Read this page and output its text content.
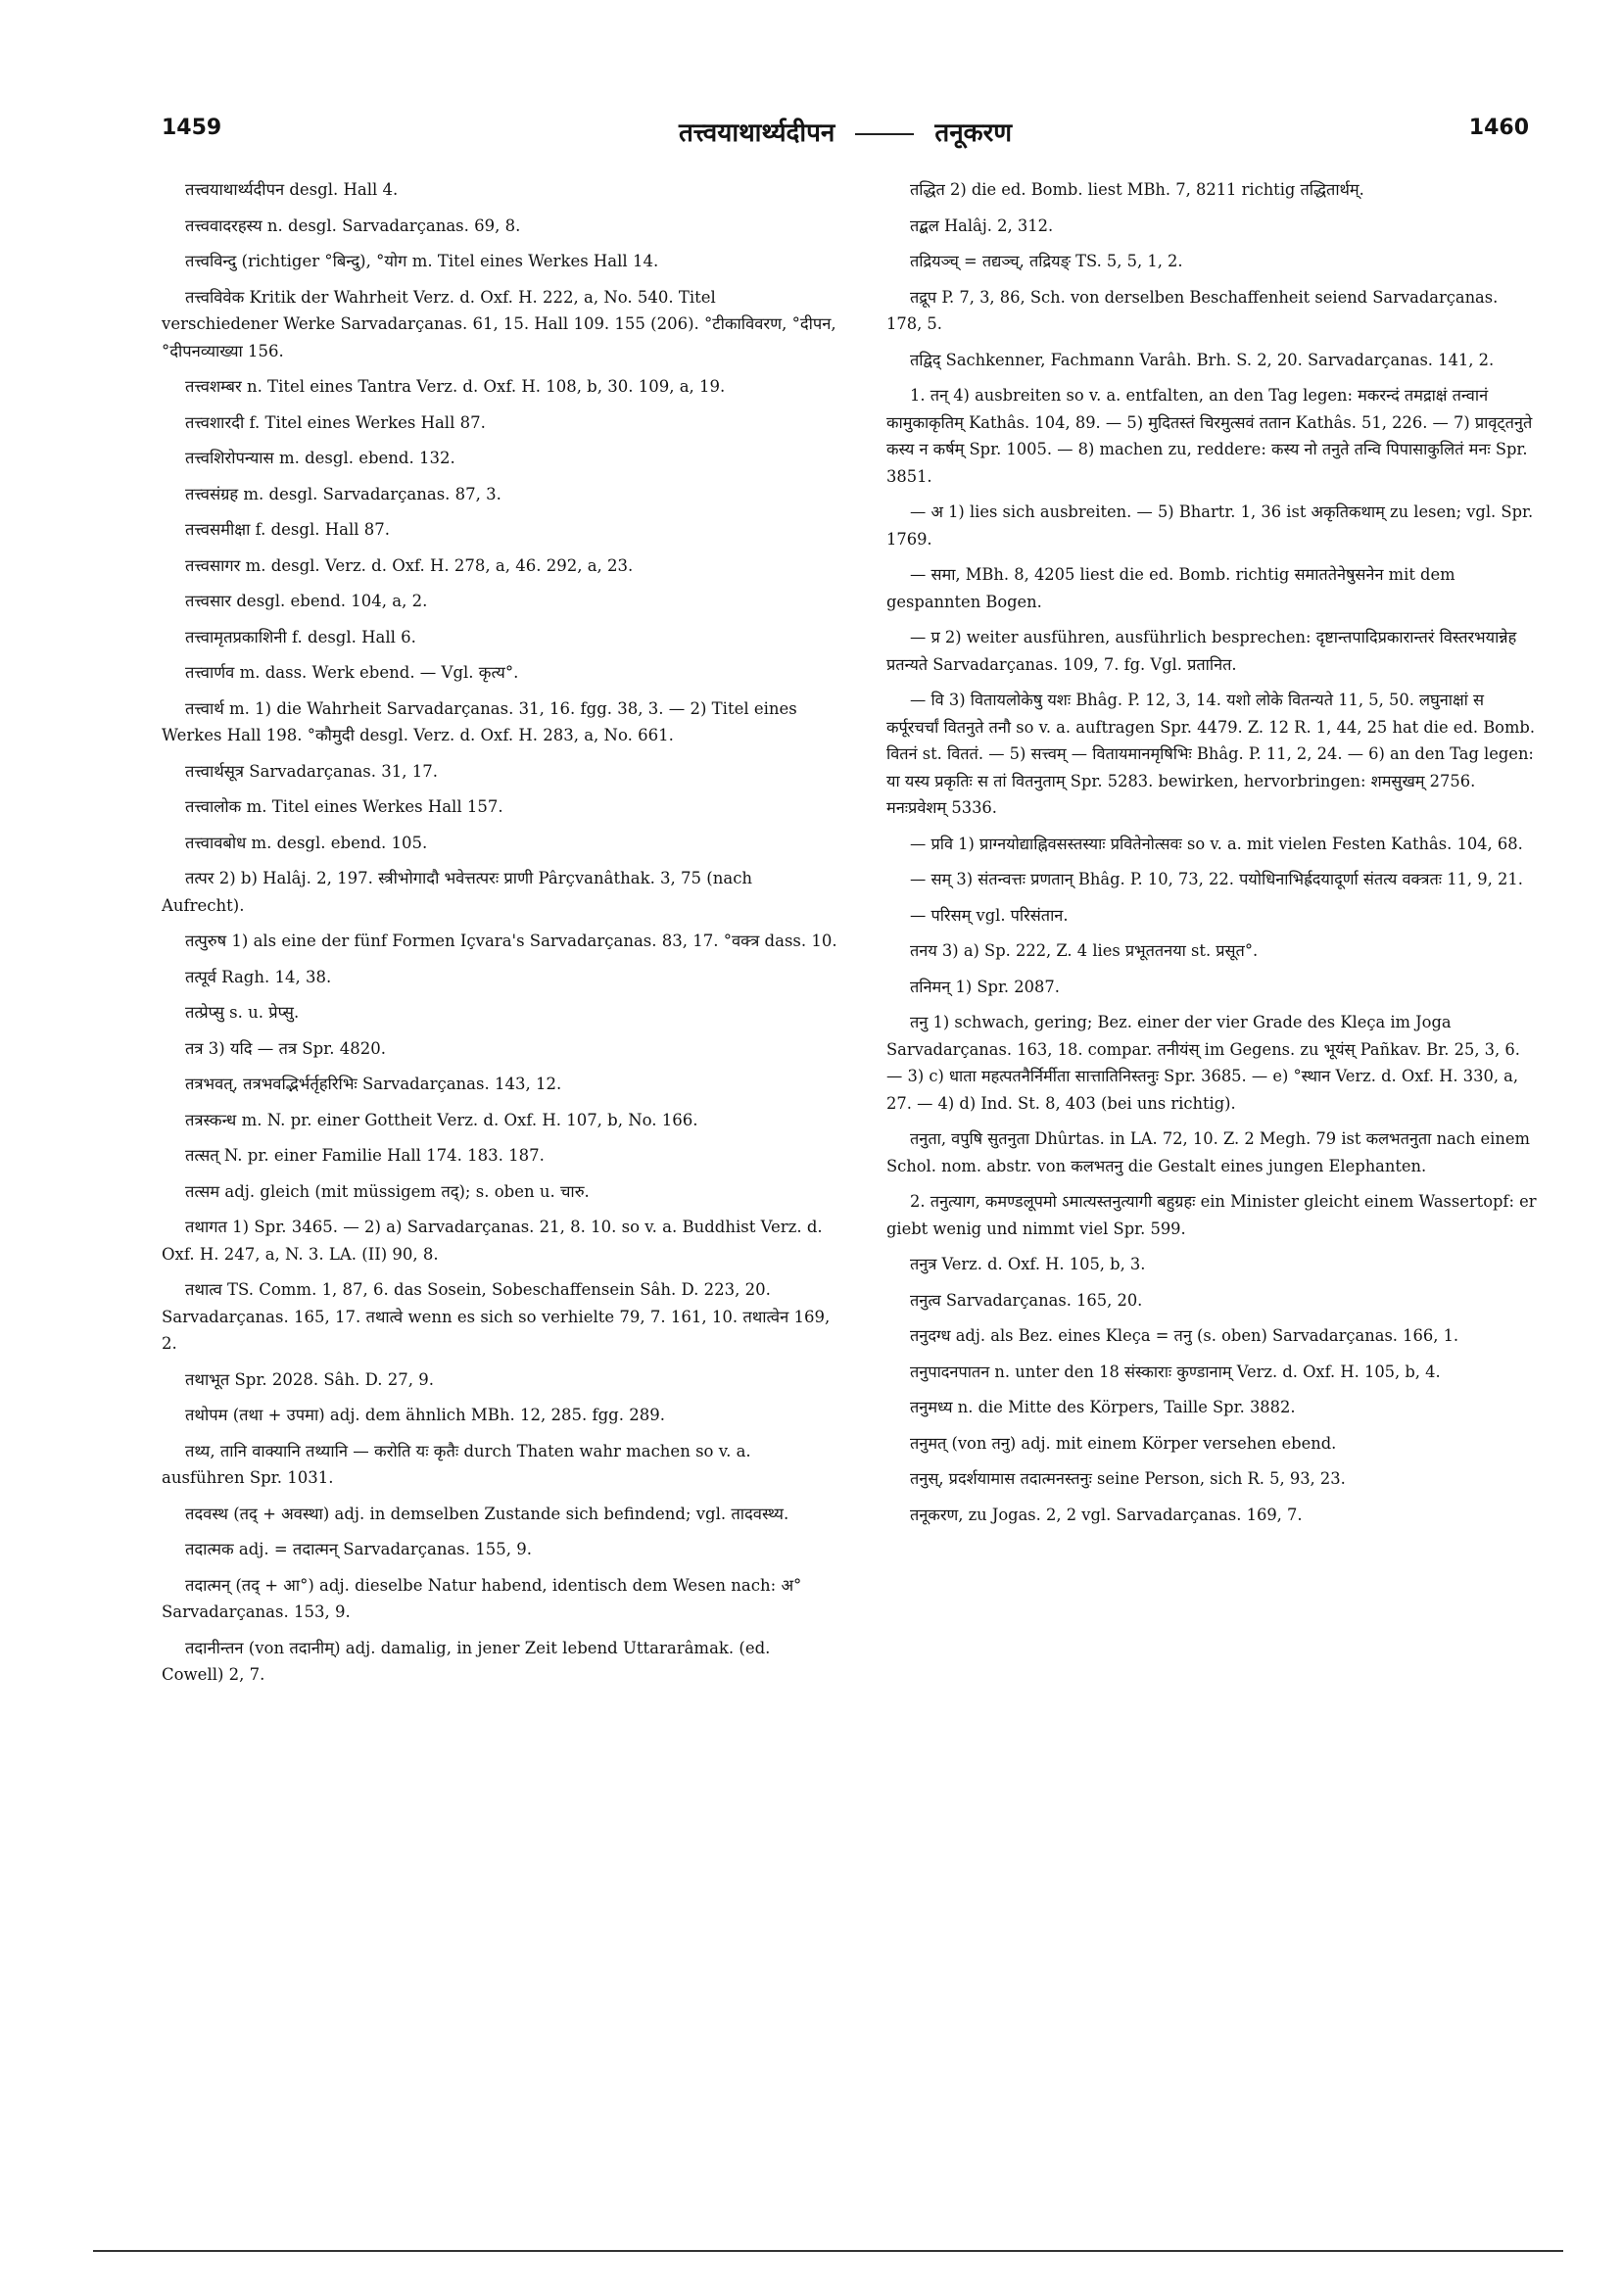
1459	तत्त्वयाथार्थ्यदीपन	तनूकरण	1460

तत्त्वयाथार्थ्यदीपन desgl. Hall 4.

तत्त्ववादरहस्य n. desgl. Sarvadarçanas. 69, 8.

तत्त्वविन्दु (richtiger °बिन्दु), °योग m. Titel eines Werkes Hall 14.

तत्त्वविवेक Kritik der Wahrheit Verz. d. Oxf. H. 222, a, No. 540. Titel verschiedener Werke Sarvadarçanas. 61, 15. Hall 109. 155 (206). °टीकाविवरण, °दीपन, °दीपनव्याख्या 156.

तत्त्वशम्बर n. Titel eines Tantra Verz. d. Oxf. H. 108, b, 30. 109, a, 19.

तत्त्वशारदी f. Titel eines Werkes Hall 87.

तत्त्वशिरोपन्यास m. desgl. ebend. 132.

तत्त्वसंग्रह m. desgl. Sarvadarçanas. 87, 3.

तत्त्वसमीक्षा f. desgl. Hall 87.

तत्त्वसागर m. desgl. Verz. d. Oxf. H. 278, a, 46. 292, a, 23.

तत्त्वसार desgl. ebend. 104, a, 2.

तत्त्वामृतप्रकाशिनी f. desgl. Hall 6.

तत्त्वार्णव m. dass. Werk ebend. — Vgl. कृत्य°.

तत्त्वार्थ m. 1) die Wahrheit Sarvadarçanas. 31, 16. fgg. 38, 3. — 2) Titel eines Werkes Hall 198. °कौमुदी desgl. Verz. d. Oxf. H. 283, a, No. 661.

तत्त्वार्थसूत्र Sarvadarçanas. 31, 17.

तत्त्वालोक m. Titel eines Werkes Hall 157.

तत्त्वावबोध m. desgl. ebend. 105.

तत्पर 2) b) Halâj. 2, 197. स्त्रीभोगादौ भवेत्तत्परः प्राणी Pârçvanâthak. 3, 75 (nach Aufrecht).

तत्पुरुष 1) als eine der fünf Formen Içvara's Sarvadarçanas. 83, 17. °वक्त्र dass. 10.

तत्पूर्व Ragh. 14, 38.

तत्प्रेप्सु s. u. प्रेप्सु.

तत्र 3) यदि — तत्र Spr. 4820.

तत्रभवत्, तत्रभवद्भिर्भर्तृहरिभिः Sarvadarçanas. 143, 12.

तत्रस्कन्ध m. N. pr. einer Gottheit Verz. d. Oxf. H. 107, b, No. 166.

तत्सत् N. pr. einer Familie Hall 174. 183. 187.

तत्सम adj. gleich (mit müssigem तद्); s. oben u. चारु.

तथागत 1) Spr. 3465. — 2) a) Sarvadarçanas. 21, 8. 10. so v. a. Buddhist Verz. d. Oxf. H. 247, a, N. 3. LA. (II) 90, 8.

तथात्व TS. Comm. 1, 87, 6. das Sosein, Sobeschaffensein Sâh. D. 223, 20. Sarvadarçanas. 165, 17. तथात्वे wenn es sich so verhielte 79, 7. 161, 10. तथात्वेन 169, 2.

तथाभूत Spr. 2028. Sâh. D. 27, 9.

तथोपम (तथा + उपमा) adj. dem ähnlich MBh. 12, 285. fgg. 289.

तथ्य, तानि वाक्यानि तथ्यानि — करोति यः कृतैः durch Thaten wahr machen so v. a. ausführen Spr. 1031.

तदवस्थ (तद् + अवस्था) adj. in demselben Zustande sich befindend; vgl. तादवस्थ्य.

तदात्मक adj. = तदात्मन् Sarvadarçanas. 155, 9.

तदात्मन् (तद् + आ°) adj. dieselbe Natur habend, identisch dem Wesen nach: अ° Sarvadarçanas. 153, 9.

तदानीन्तन (von तदानीम्) adj. damalig, in jener Zeit lebend Uttararâmak. (ed. Cowell) 2, 7.

तद्धित 2) die ed. Bomb. liest MBh. 7, 8211 richtig तद्धितार्थम्.

तद्बल Halâj. 2, 312.

तद्रियञ्च् = तद्यञ्च्, तद्रियङ् TS. 5, 5, 1, 2.

तद्रूप P. 7, 3, 86, Sch. von derselben Beschaffenheit seiend Sarvadarçanas. 178, 5.

तद्विद् Sachkenner, Fachmann Varâh. Brh. S. 2, 20. Sarvadarçanas. 141, 2.

1. तन् 4) ausbreiten so v. a. entfalten, an den Tag legen: मकरन्दं तमद्राक्षं तन्वानं कामुकाकृतिम् Kathâs. 104, 89. — 5) मुदितस्तं चिरमुत्सवं ततान Kathâs. 51, 226. — 7) प्रावृट्तनुते कस्य न कर्षम् Spr. 1005. — 8) machen zu, reddere: कस्य नो तनुते तन्वि पिपासाकुलितं मनः Spr. 3851.

— अ 1) lies sich ausbreiten. — 5) Bhartr. 1, 36 ist अकृतिकथाम् zu lesen; vgl. Spr. 1769.

— समा, MBh. 8, 4205 liest die ed. Bomb. richtig समाततेनेषुसनेन mit dem gespannten Bogen.

— प्र 2) weiter ausführen, ausführlich besprechen: दृष्टान्तपादिप्रकारान्तरं विस्तरभयान्नेह प्रतन्यते Sarvadarçanas. 109, 7. fg. Vgl. प्रतानित.

— वि 3) वितायलोकेषु यशः Bhâg. P. 12, 3, 14. यशो लोके वितन्यते 11, 5, 50. लघुनाक्षां स कर्पूरचर्चां वितनुते तनौ so v. a. auftragen Spr. 4479. Z. 12 R. 1, 44, 25 hat die ed. Bomb. वितनं st. विततं. — 5) सत्त्वम् — वितायमानमृषिभिः Bhâg. P. 11, 2, 24. — 6) an den Tag legen: या यस्य प्रकृतिः स तां वितनुताम् Spr. 5283. bewirken, hervorbringen: शमसुखम् 2756. मनःप्रवेशम् 5336.

— प्रवि 1) प्राग्नयोद्याह्निवसस्तस्याः प्रवितेनोत्सवः so v. a. mit vielen Festen Kathâs. 104, 68.

— सम् 3) संतन्वत्तः प्रणतान् Bhâg. P. 10, 73, 22. पयोधिनाभिर्ह्रदयादूर्णा संतत्य वक्त्रतः 11, 9, 21.

— परिसम् vgl. परिसंतान.

तनय 3) a) Sp. 222, Z. 4 lies प्रभूततनया st. प्रसूत°.

तनिमन् 1) Spr. 2087.

तनु 1) schwach, gering; Bez. einer der vier Grade des Kleça im Joga Sarvadarçanas. 163, 18. compar. तनीयंस् im Gegens. zu भूयंस् Pañkav. Br. 25, 3, 6. — 3) c) धाता महत्पतनैर्निर्मीता सात्तातिनिस्तनुः Spr. 3685. — e) °स्थान Verz. d. Oxf. H. 330, a, 27. — 4) d) Ind. St. 8, 403 (bei uns richtig).

तनुता, वपुषि सुतनुता Dhûrtas. in LA. 72, 10. Z. 2 Megh. 79 ist कलभतनुता nach einem Schol. nom. abstr. von कलभतनु die Gestalt eines jungen Elephanten.

2. तनुत्याग, कमण्डलूपमो ऽमात्यस्तनुत्यागी बहुग्रहः ein Minister gleicht einem Wassertopf: er giebt wenig und nimmt viel Spr. 599.

तनुत्र Verz. d. Oxf. H. 105, b, 3.

तनुत्व Sarvadarçanas. 165, 20.

तनुदग्ध adj. als Bez. eines Kleça = तनु (s. oben) Sarvadarçanas. 166, 1.

तनुपादनपातन n. unter den 18 संस्काराः कुण्डानाम् Verz. d. Oxf. H. 105, b, 4.

तनुमध्य n. die Mitte des Körpers, Taille Spr. 3882.

तनुमत् (von तनु) adj. mit einem Körper versehen ebend.

तनुस्, प्रदर्शयामास तदात्मनस्तनुः seine Person, sich R. 5, 93, 23.

तनूकरण, zu Jogas. 2, 2 vgl. Sarvadarçanas. 169, 7.
